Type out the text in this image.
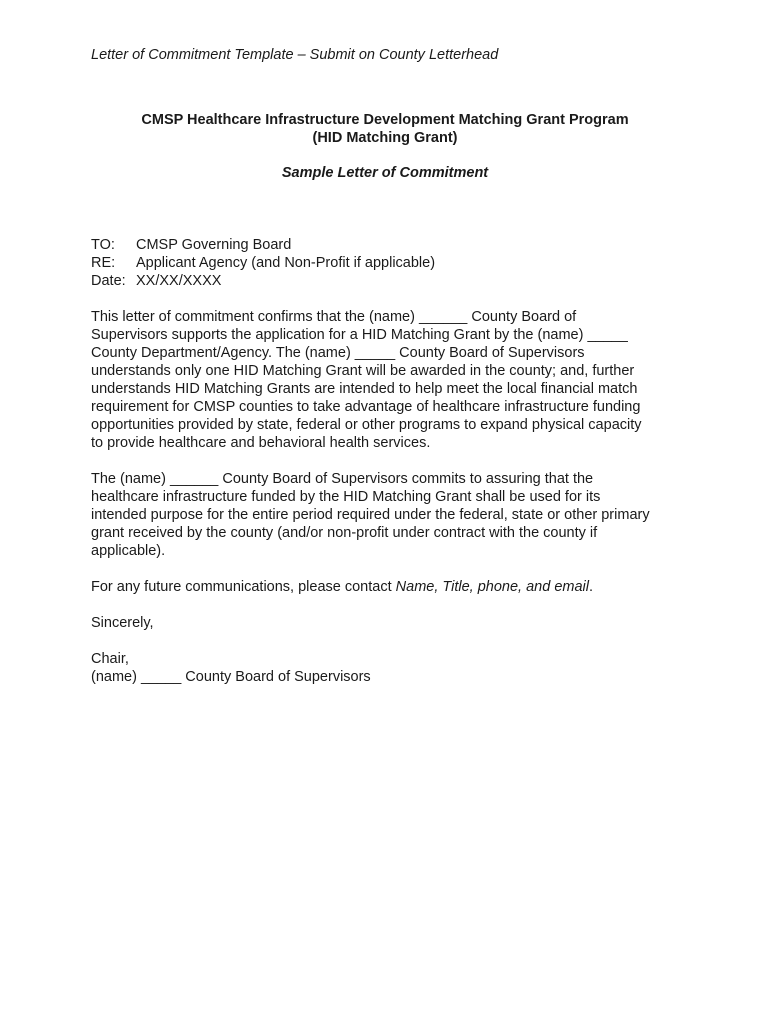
Letter of Commitment Template – Submit on County Letterhead
CMSP Healthcare Infrastructure Development Matching Grant Program
(HID Matching Grant)
Sample Letter of Commitment
TO:	CMSP Governing Board
RE:	Applicant Agency (and Non-Profit if applicable)
Date: XX/XX/XXXX

This letter of commitment confirms that the (name) ______ County Board of
Supervisors supports the application for a HID Matching Grant by the (name) _____
County Department/Agency. The (name) _____ County Board of Supervisors
understands only one HID Matching Grant will be awarded in the county; and, further
understands HID Matching Grants are intended to help meet the local financial match
requirement for CMSP counties to take advantage of healthcare infrastructure funding
opportunities provided by state, federal or other programs to expand physical capacity
to provide healthcare and behavioral health services.

The (name) ______ County Board of Supervisors commits to assuring that the
healthcare infrastructure funded by the HID Matching Grant shall be used for its
intended purpose for the entire period required under the federal, state or other primary
grant received by the county (and/or non-profit under contract with the county if
applicable).

For any future communications, please contact Name, Title, phone, and email.

Sincerely,

Chair,
(name) _____ County Board of Supervisors
